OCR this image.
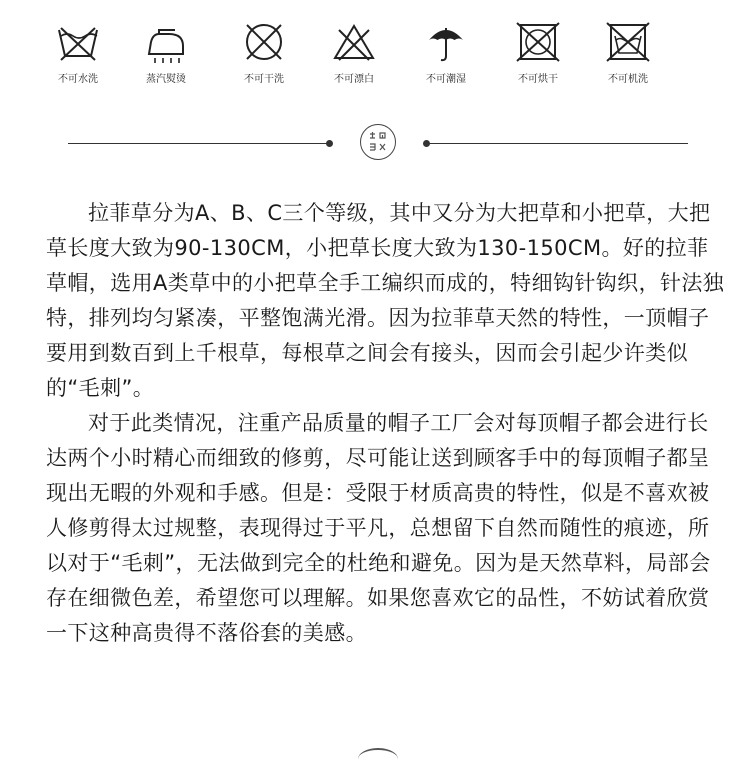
不可水洗	蒸汽熨烫	不可干洗	不可漂白	不可潮湿	不可烘干	不可机洗

拉菲草分为A、B、C三个等级，其中又分为大把草和小把草，大把草长度大致为90-130CM，小把草长度大致为130-150CM。好的拉菲草帽，选用A类草中的小把草全手工编织而成的，特细钩针钩织，针法独特，排列均匀紧凑，平整饱满光滑。因为拉菲草天然的特性，一顶帽子要用到数百到上千根草，每根草之间会有接头，因而会引起少许类似的“毛刺”。

对于此类情况，注重产品质量的帽子工厂会对每顶帽子都会进行长达两个小时精心而细致的修剪，尽可能让送到顾客手中的每顶帽子都呈现出无暇的外观和手感。但是：受限于材质高贵的特性，似是不喜欢被人修剪得太过规整，表现得过于平凡，总想留下自然而随性的痕迹，所以对于“毛刺”，无法做到完全的杜绝和避免。因为是天然草料，局部会存在细微色差，希望您可以理解。如果您喜欢它的品性，不妨试着欣赏一下这种高贵得不落俗套的美感。
